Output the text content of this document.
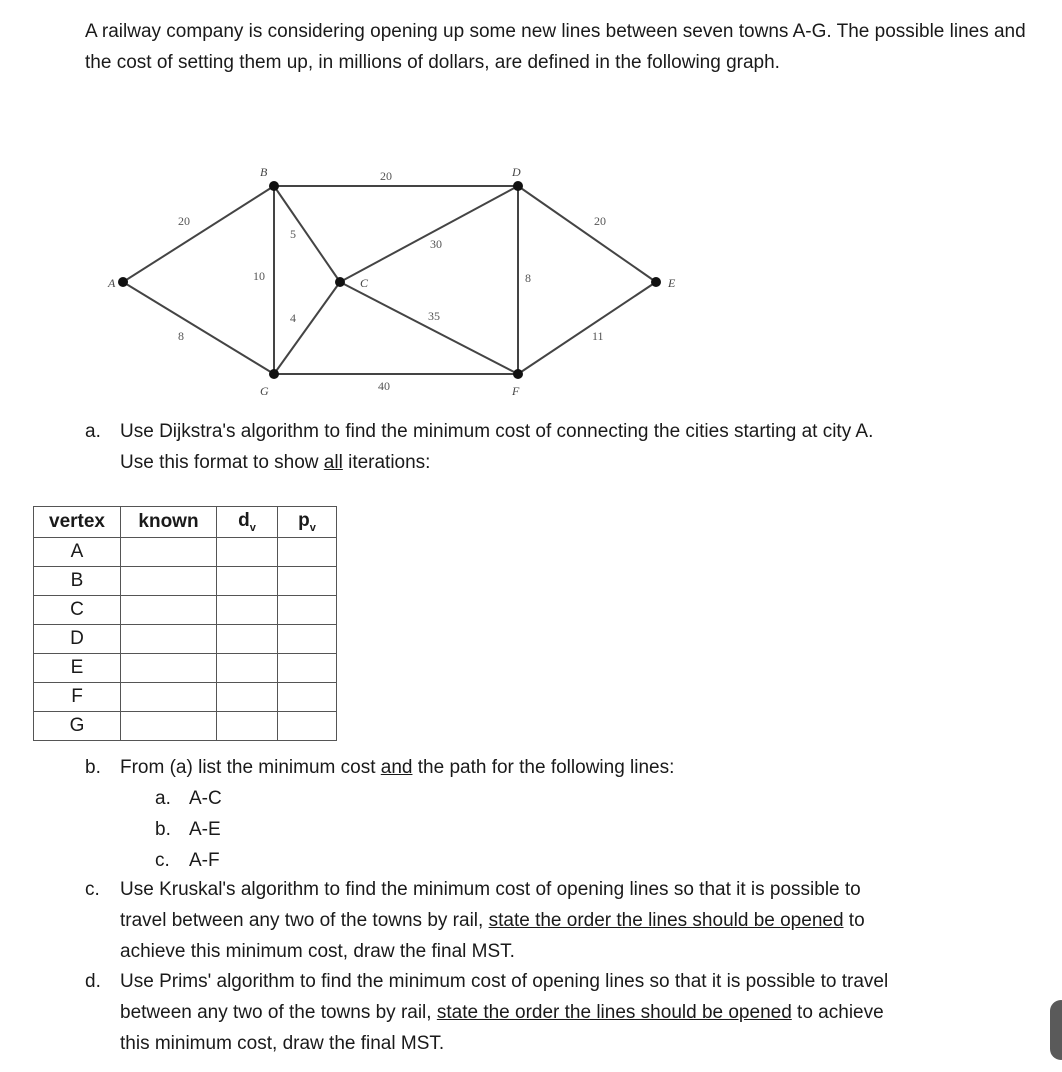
A railway company is considering opening up some new lines between seven towns A-G. The possible lines and the cost of setting them up, in millions of dollars, are defined in the following graph.

A
B
C
D
E
F
G
20
8
20
5
10
4
30
35
40
8
20
11
a. Use Dijkstra's algorithm to find the minimum cost of connecting the cities starting at city A.
Use this format to show all iterations:
vertex	known	$d_v$	$p_v$
A			
B			
C			
D			
E			
F			
G			
b. From (a) list the minimum cost and the path for the following lines:
a. A-C
b. A-E
c. A-F
c. Use Kruskal's algorithm to find the minimum cost of opening lines so that it is possible to
travel between any two of the towns by rail, state the order the lines should be opened to
achieve this minimum cost, draw the final MST.
d. Use Prims' algorithm to find the minimum cost of opening lines so that it is possible to travel
between any two of the towns by rail, state the order the lines should be opened to achieve
this minimum cost, draw the final MST.
